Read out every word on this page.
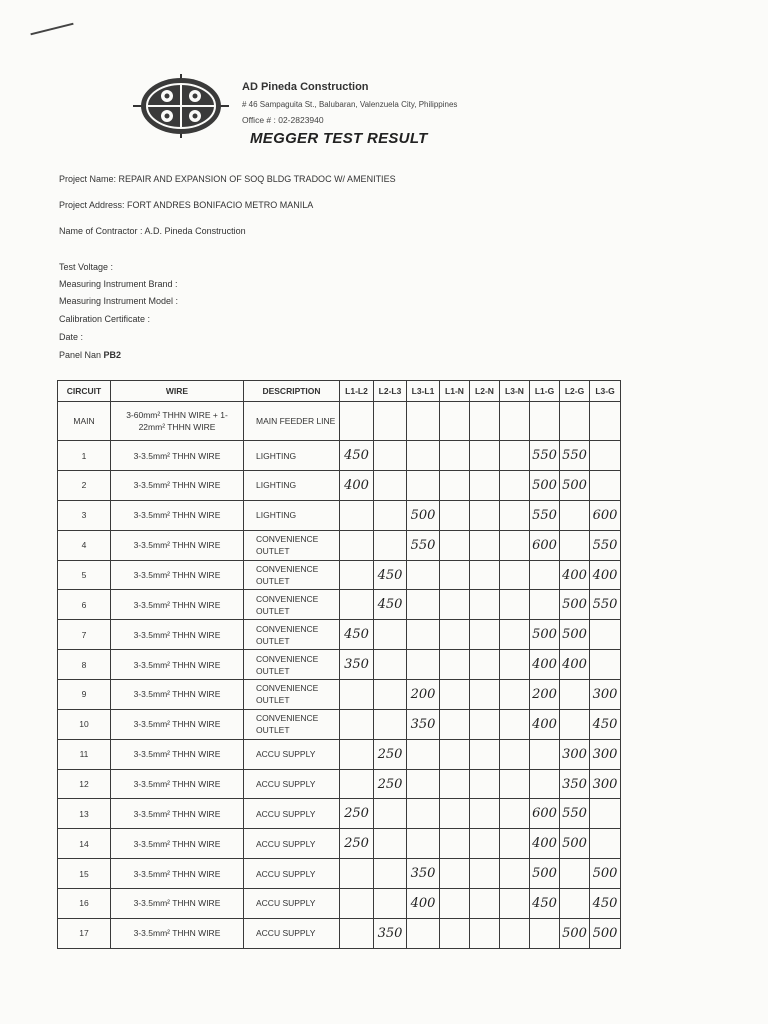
AD Pineda Construction
# 46 Sampaguita St., Balubaran, Valenzuela City, Philippines
Office # : 02-2823940
MEGGER TEST RESULT
Project Name: REPAIR AND EXPANSION OF SOQ BLDG TRADOC W/ AMENITIES
Project Address: FORT ANDRES BONIFACIO METRO MANILA
Name of Contractor : A.D. Pineda Construction
Test Voltage :
Measuring Instrument Brand :
Measuring Instrument Model :
Calibration Certificate :
Date :
Panel Nan PB2
CIRCUIT	WIRE	DESCRIPTION	L1-L2	L2-L3	L3-L1	L1-N	L2-N	L3-N	L1-G	L2-G	L3-G
MAIN	3-60mm² THHN WIRE + 1-22mm² THHN WIRE	MAIN FEEDER LINE									
1	3-3.5mm² THHN WIRE	LIGHTING	450						550	550	
2	3-3.5mm² THHN WIRE	LIGHTING	400						500	500	
3	3-3.5mm² THHN WIRE	LIGHTING			500				550		600
4	3-3.5mm² THHN WIRE	CONVENIENCE OUTLET			550				600		550
5	3-3.5mm² THHN WIRE	CONVENIENCE OUTLET		450						400	400
6	3-3.5mm² THHN WIRE	CONVENIENCE OUTLET		450						500	550
7	3-3.5mm² THHN WIRE	CONVENIENCE OUTLET	450						500	500	
8	3-3.5mm² THHN WIRE	CONVENIENCE OUTLET	350						400	400	
9	3-3.5mm² THHN WIRE	CONVENIENCE OUTLET			200				200		300
10	3-3.5mm² THHN WIRE	CONVENIENCE OUTLET			350				400		450
11	3-3.5mm² THHN WIRE	ACCU SUPPLY		250						300	300
12	3-3.5mm² THHN WIRE	ACCU SUPPLY		250						350	300
13	3-3.5mm² THHN WIRE	ACCU SUPPLY	250						600	550	
14	3-3.5mm² THHN WIRE	ACCU SUPPLY	250						400	500	
15	3-3.5mm² THHN WIRE	ACCU SUPPLY			350				500		500
16	3-3.5mm² THHN WIRE	ACCU SUPPLY			400				450		450
17	3-3.5mm² THHN WIRE	ACCU SUPPLY		350						500	500
